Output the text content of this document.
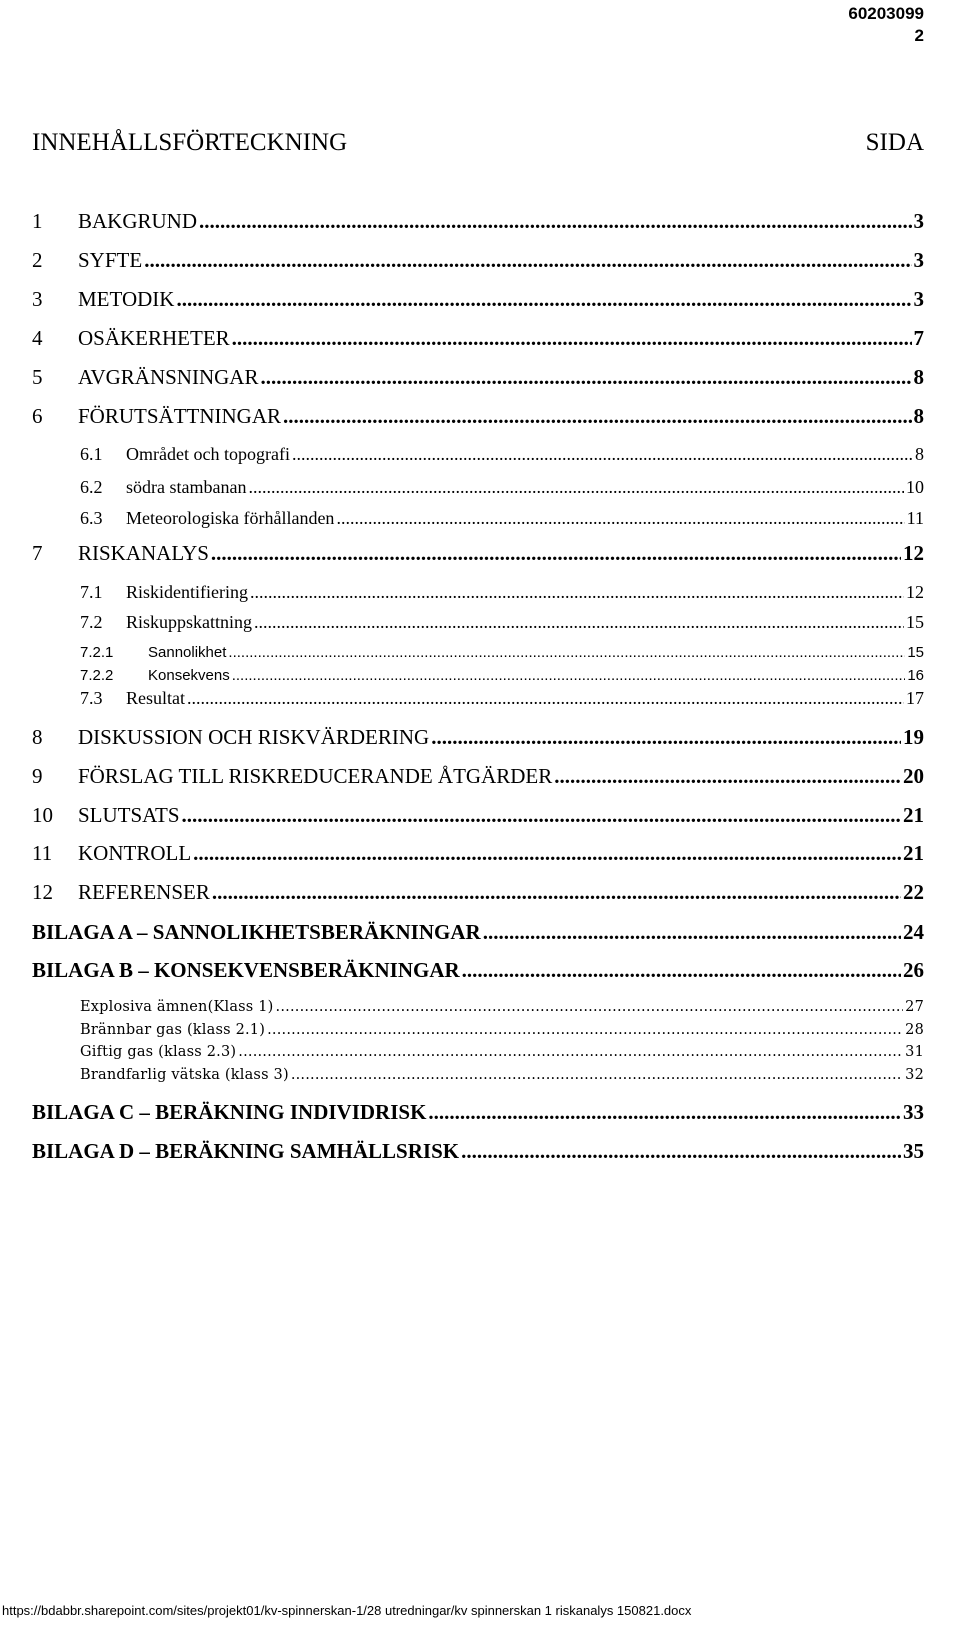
60203099
2
INNEHÅLLSFÖRTECKNING	SIDA
1	BAKGRUND .....	3
2	SYFTE .....	3
3	METODIK .....	3
4	OSÄKERHETER .....	7
5	AVGRÄNSNINGAR .....	8
6	FÖRUTSÄTTNINGAR .....	8
6.1	Området och topografi .....	8
6.2	södra stambanan .....	10
6.3	Meteorologiska förhållanden .....	11
7	RISKANALYS .....	12
7.1	Riskidentifiering .....	12
7.2	Riskuppskattning .....	15
7.2.1	Sannolikhet .....	15
7.2.2	Konsekvens .....	16
7.3	Resultat .....	17
8	DISKUSSION OCH RISKVÄRDERING .....	19
9	FÖRSLAG TILL RISKREDUCERANDE ÅTGÄRDER .....	20
10	SLUTSATS .....	21
11	KONTROLL .....	21
12	REFERENSER .....	22
BILAGA A – SANNOLIKHETSBERÄKNINGAR .....	24
BILAGA B – KONSEKVENSBERÄKNINGAR .....	26
Explosiva ämnen(Klass 1) .....	27
Brännbar gas (klass 2.1) .....	28
Giftig gas (klass 2.3) .....	31
Brandfarlig vätska (klass 3) .....	32
BILAGA C – BERÄKNING INDIVIDRISK .....	33
BILAGA D – BERÄKNING SAMHÄLLSRISK .....	35
https://bdabbr.sharepoint.com/sites/projekt01/kv-spinnerskan-1/28 utredningar/kv spinnerskan 1 riskanalys 150821.docx
